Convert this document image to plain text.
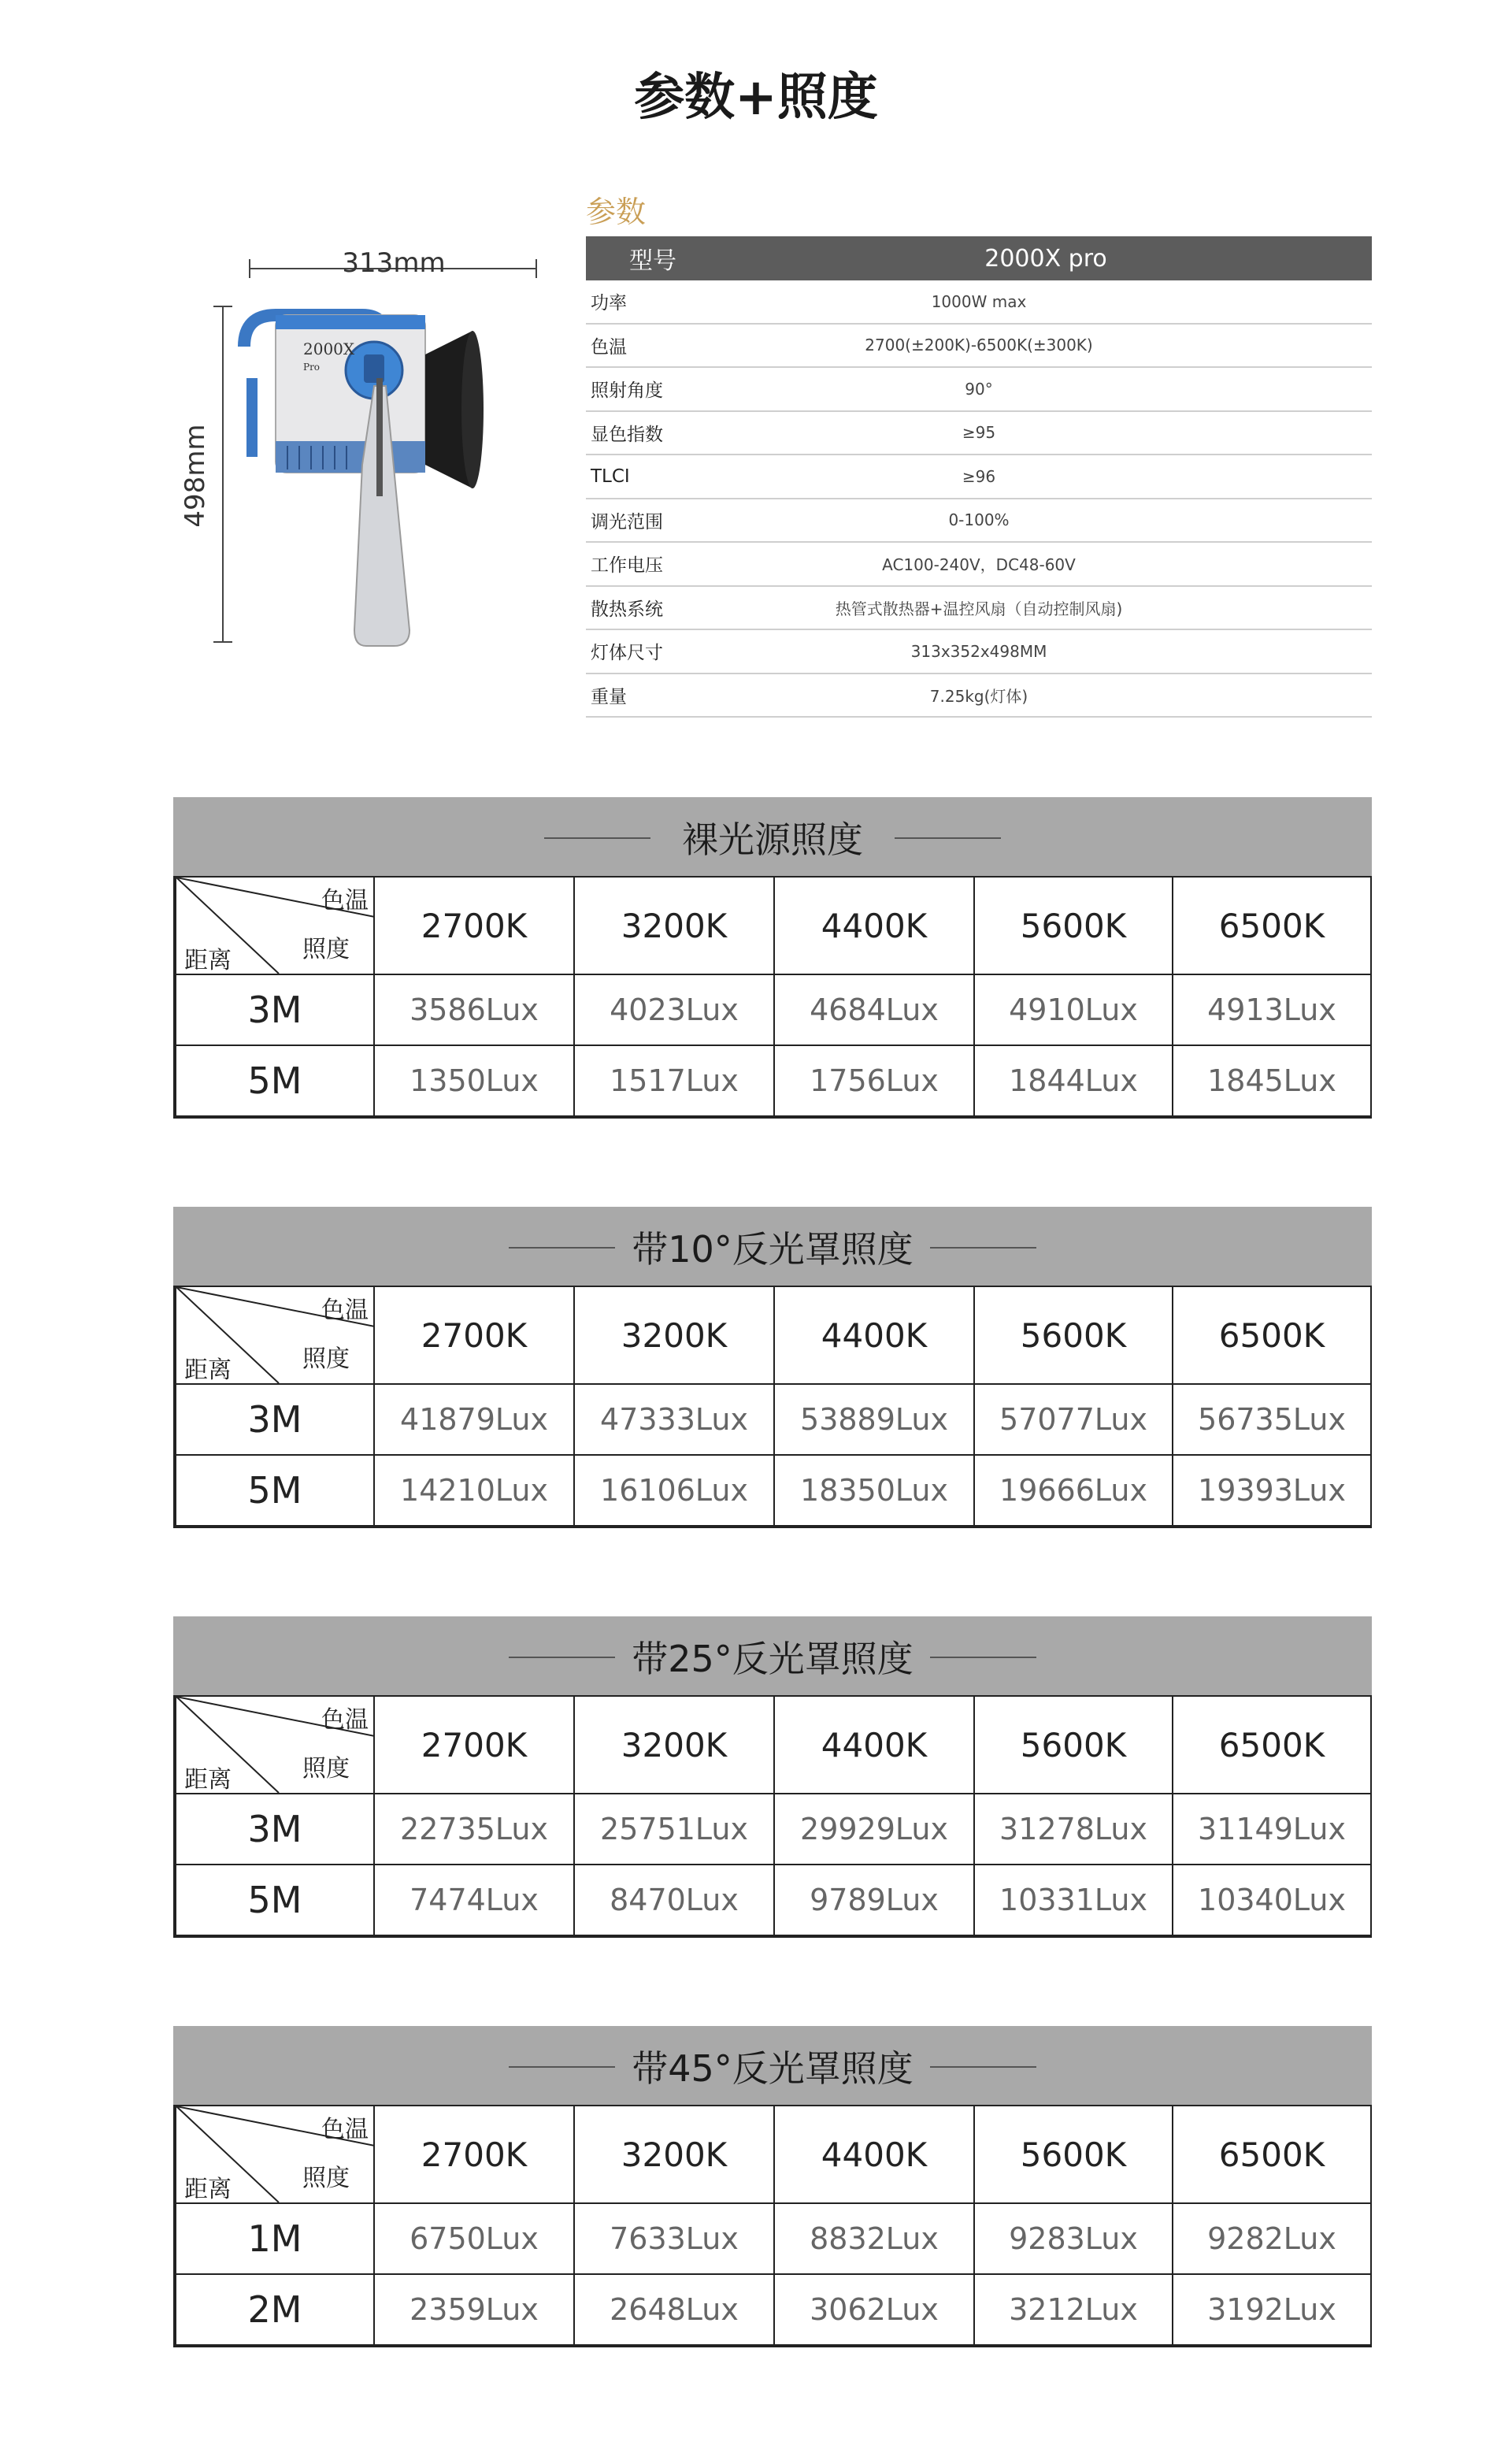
参数+照度
313mm
498mm
2000X
Pro
参数
型号	2000X pro
功率	1000W max
色温	2700(±200K)-6500K(±300K)
照射角度	90°
显色指数	≥95
TLCI	≥96
调光范围	0-100%
工作电压	AC100-240V，DC48-60V
散热系统	热管式散热器+温控风扇（自动控制风扇)
灯体尺寸	313x352x498MM
重量	7.25kg(灯体)
裸光源照度
色温
照度
距离	2700K	3200K	4400K	5600K	6500K
3M	3586Lux	4023Lux	4684Lux	4910Lux	4913Lux
5M	1350Lux	1517Lux	1756Lux	1844Lux	1845Lux
带10°反光罩照度
色温
照度
距离	2700K	3200K	4400K	5600K	6500K
3M	41879Lux	47333Lux	53889Lux	57077Lux	56735Lux
5M	14210Lux	16106Lux	18350Lux	19666Lux	19393Lux
带25°反光罩照度
色温
照度
距离	2700K	3200K	4400K	5600K	6500K
3M	22735Lux	25751Lux	29929Lux	31278Lux	31149Lux
5M	7474Lux	8470Lux	9789Lux	10331Lux	10340Lux
带45°反光罩照度
色温
照度
距离	2700K	3200K	4400K	5600K	6500K
1M	6750Lux	7633Lux	8832Lux	9283Lux	9282Lux
2M	2359Lux	2648Lux	3062Lux	3212Lux	3192Lux
